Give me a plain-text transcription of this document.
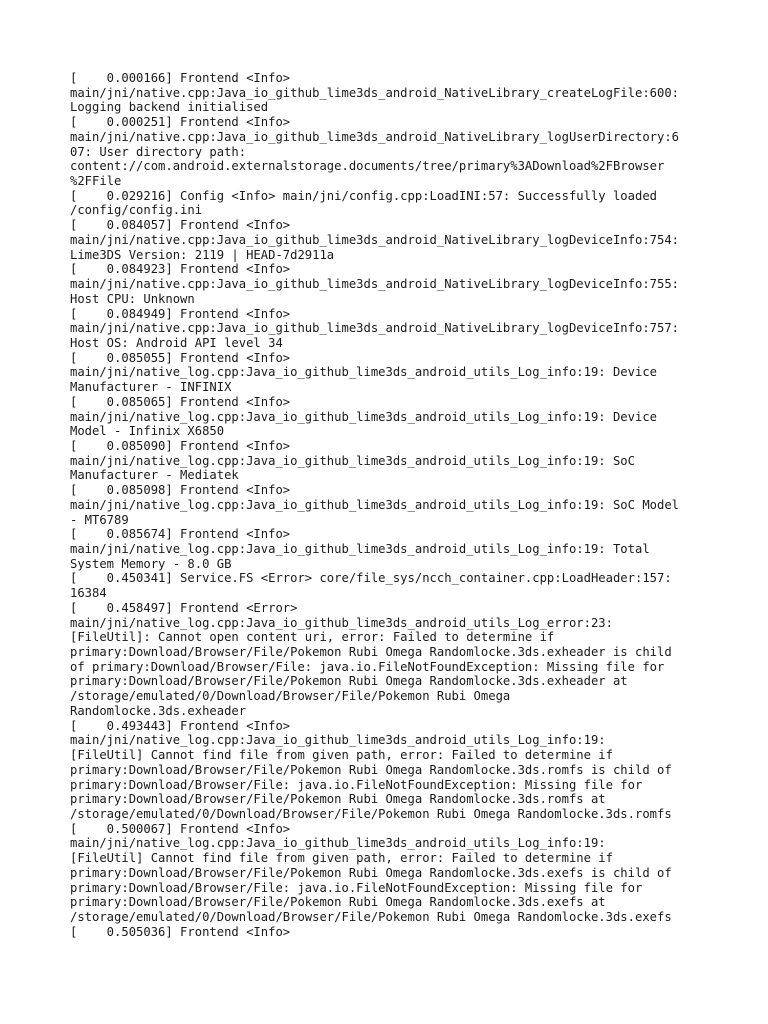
[    0.000166] Frontend <Info>
main/jni/native.cpp:Java_io_github_lime3ds_android_NativeLibrary_createLogFile:600:
Logging backend initialised
[    0.000251] Frontend <Info>
main/jni/native.cpp:Java_io_github_lime3ds_android_NativeLibrary_logUserDirectory:6
07: User directory path:
content://com.android.externalstorage.documents/tree/primary%3ADownload%2FBrowser
%2FFile
[    0.029216] Config <Info> main/jni/config.cpp:LoadINI:57: Successfully loaded
/config/config.ini
[    0.084057] Frontend <Info>
main/jni/native.cpp:Java_io_github_lime3ds_android_NativeLibrary_logDeviceInfo:754:
Lime3DS Version: 2119 | HEAD-7d2911a
[    0.084923] Frontend <Info>
main/jni/native.cpp:Java_io_github_lime3ds_android_NativeLibrary_logDeviceInfo:755:
Host CPU: Unknown
[    0.084949] Frontend <Info>
main/jni/native.cpp:Java_io_github_lime3ds_android_NativeLibrary_logDeviceInfo:757:
Host OS: Android API level 34
[    0.085055] Frontend <Info>
main/jni/native_log.cpp:Java_io_github_lime3ds_android_utils_Log_info:19: Device
Manufacturer - INFINIX
[    0.085065] Frontend <Info>
main/jni/native_log.cpp:Java_io_github_lime3ds_android_utils_Log_info:19: Device
Model - Infinix X6850
[    0.085090] Frontend <Info>
main/jni/native_log.cpp:Java_io_github_lime3ds_android_utils_Log_info:19: SoC
Manufacturer - Mediatek
[    0.085098] Frontend <Info>
main/jni/native_log.cpp:Java_io_github_lime3ds_android_utils_Log_info:19: SoC Model
- MT6789
[    0.085674] Frontend <Info>
main/jni/native_log.cpp:Java_io_github_lime3ds_android_utils_Log_info:19: Total
System Memory - 8.0 GB
[    0.450341] Service.FS <Error> core/file_sys/ncch_container.cpp:LoadHeader:157:
16384
[    0.458497] Frontend <Error>
main/jni/native_log.cpp:Java_io_github_lime3ds_android_utils_Log_error:23:
[FileUtil]: Cannot open content uri, error: Failed to determine if
primary:Download/Browser/File/Pokemon Rubi Omega Randomlocke.3ds.exheader is child
of primary:Download/Browser/File: java.io.FileNotFoundException: Missing file for
primary:Download/Browser/File/Pokemon Rubi Omega Randomlocke.3ds.exheader at
/storage/emulated/0/Download/Browser/File/Pokemon Rubi Omega
Randomlocke.3ds.exheader
[    0.493443] Frontend <Info>
main/jni/native_log.cpp:Java_io_github_lime3ds_android_utils_Log_info:19:
[FileUtil] Cannot find file from given path, error: Failed to determine if
primary:Download/Browser/File/Pokemon Rubi Omega Randomlocke.3ds.romfs is child of
primary:Download/Browser/File: java.io.FileNotFoundException: Missing file for
primary:Download/Browser/File/Pokemon Rubi Omega Randomlocke.3ds.romfs at
/storage/emulated/0/Download/Browser/File/Pokemon Rubi Omega Randomlocke.3ds.romfs
[    0.500067] Frontend <Info>
main/jni/native_log.cpp:Java_io_github_lime3ds_android_utils_Log_info:19:
[FileUtil] Cannot find file from given path, error: Failed to determine if
primary:Download/Browser/File/Pokemon Rubi Omega Randomlocke.3ds.exefs is child of
primary:Download/Browser/File: java.io.FileNotFoundException: Missing file for
primary:Download/Browser/File/Pokemon Rubi Omega Randomlocke.3ds.exefs at
/storage/emulated/0/Download/Browser/File/Pokemon Rubi Omega Randomlocke.3ds.exefs
[    0.505036] Frontend <Info>
